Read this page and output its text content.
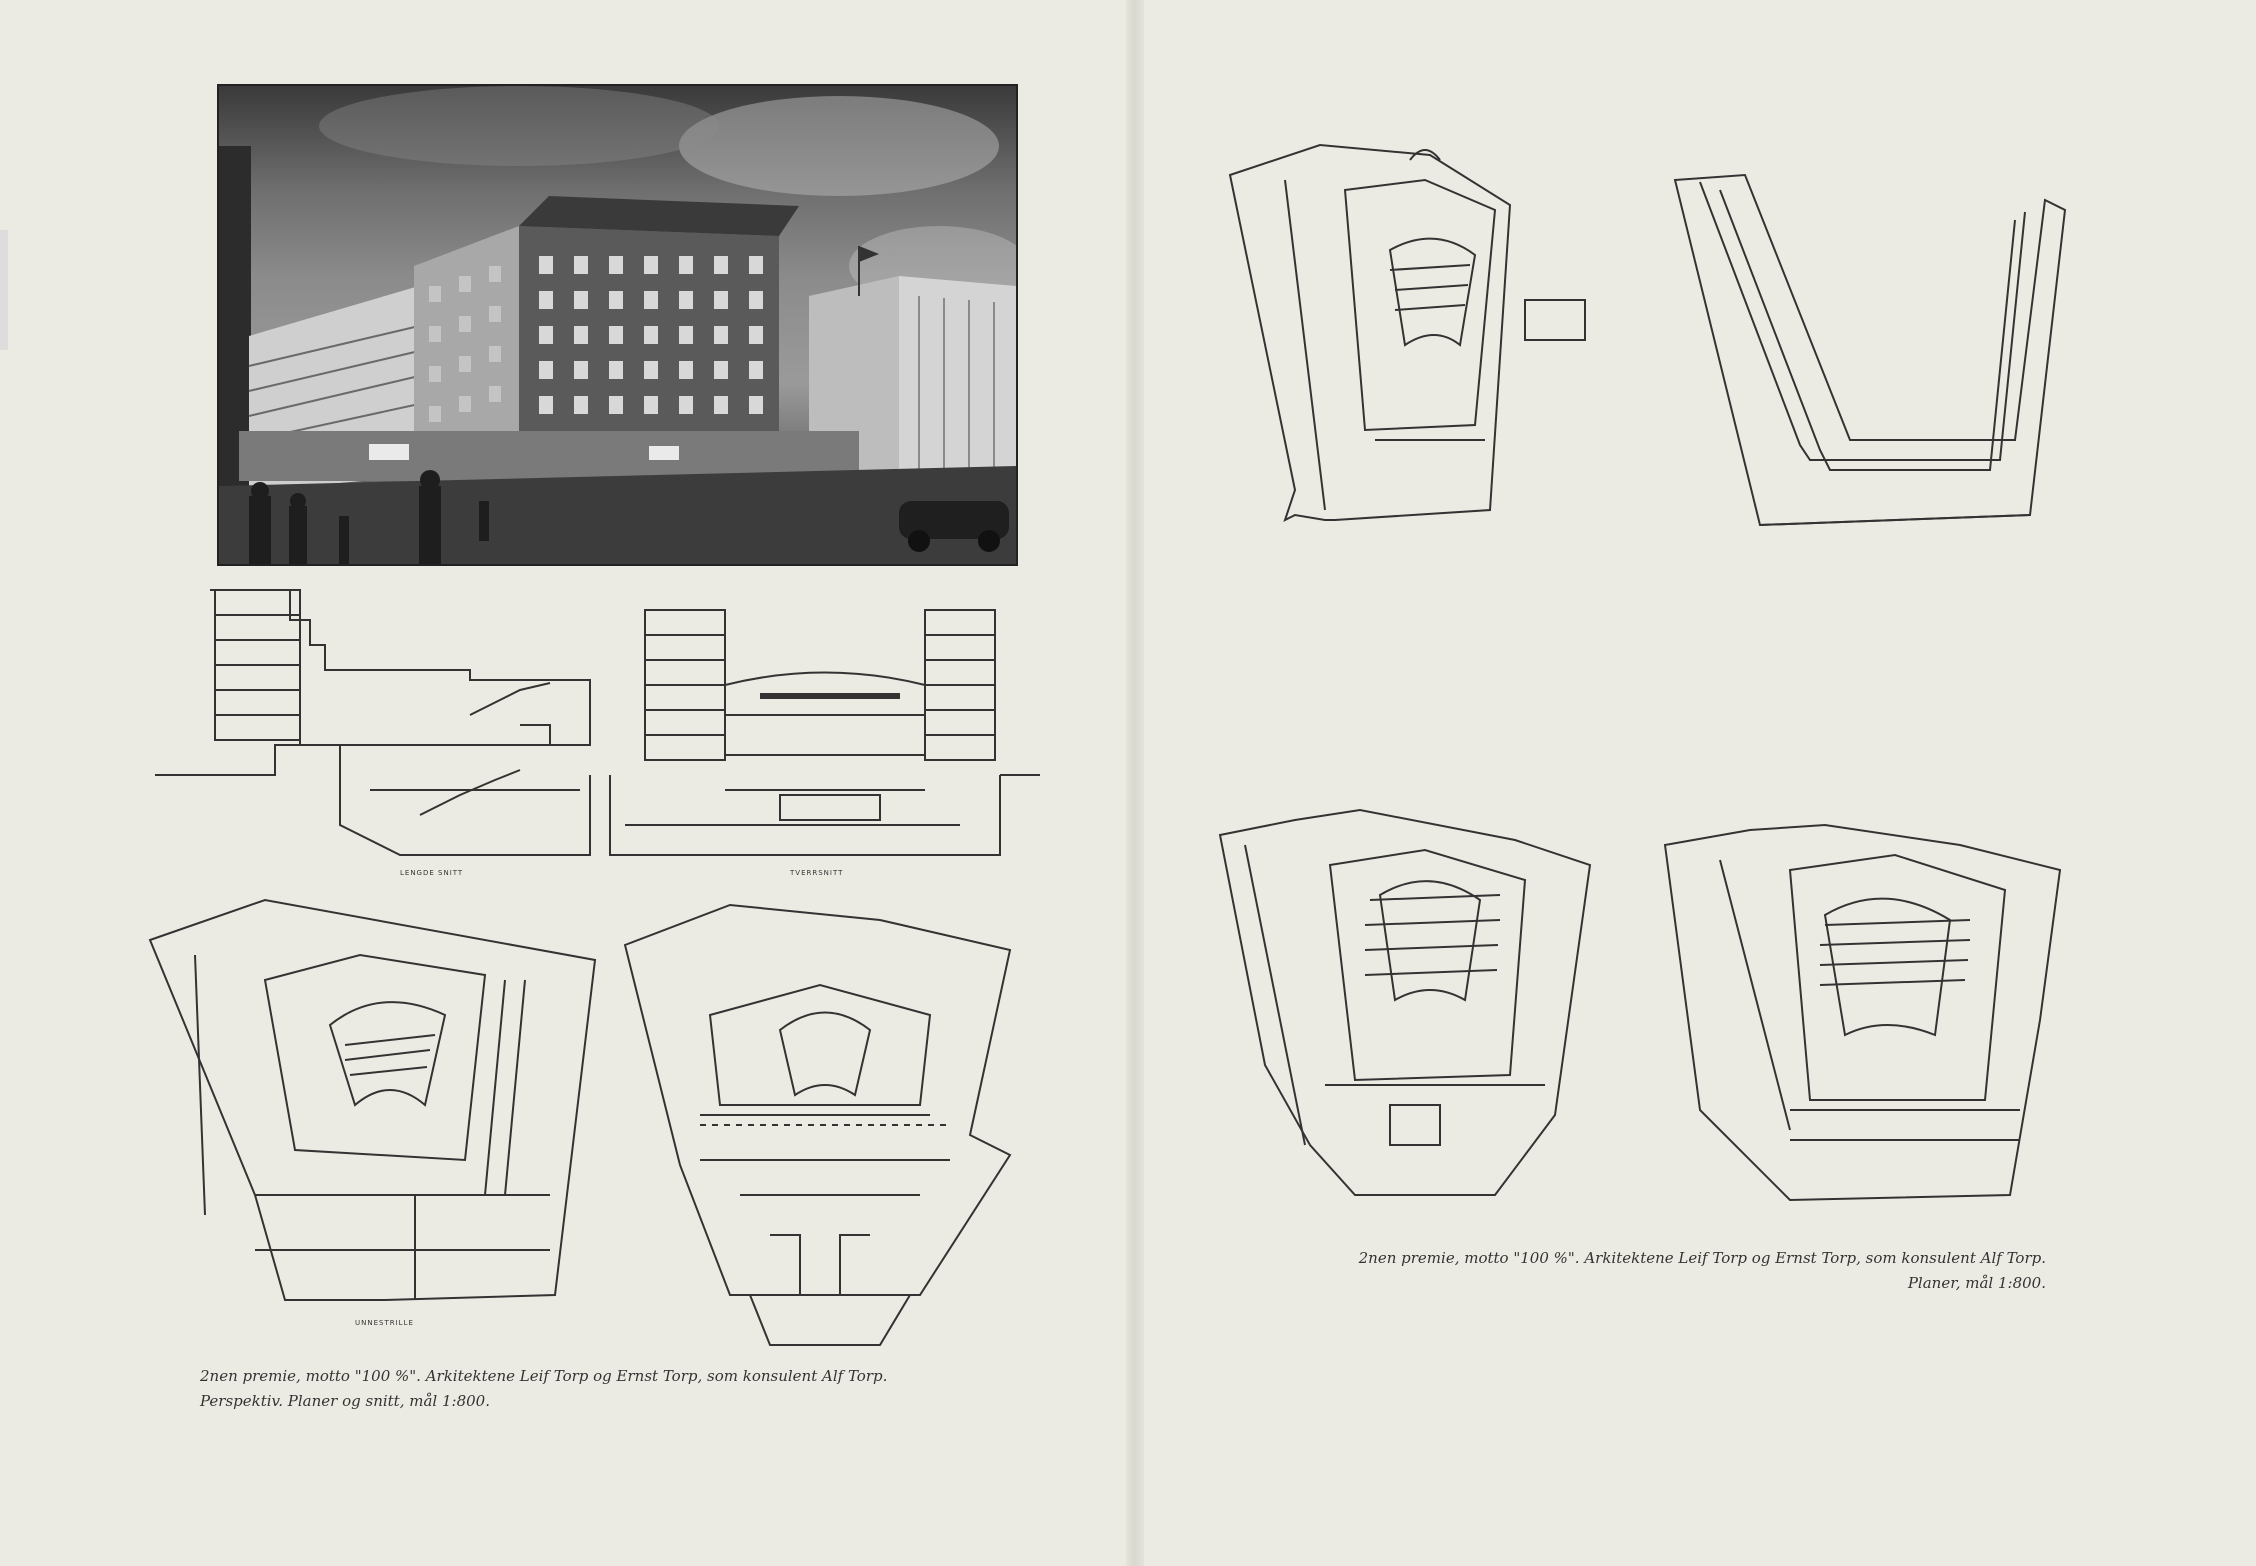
LENGDE SNITT	TVERRSNITT
UNNESTRILLE
2nen premie, motto "100 %". Arkitektene Leif Torp og Ernst Torp, som konsulent Alf Torp.
Perspektiv. Planer og snitt, mål 1:800.
2nen premie, motto "100 %". Arkitektene Leif Torp og Ernst Torp, som konsulent Alf Torp.
Planer, mål 1:800.
